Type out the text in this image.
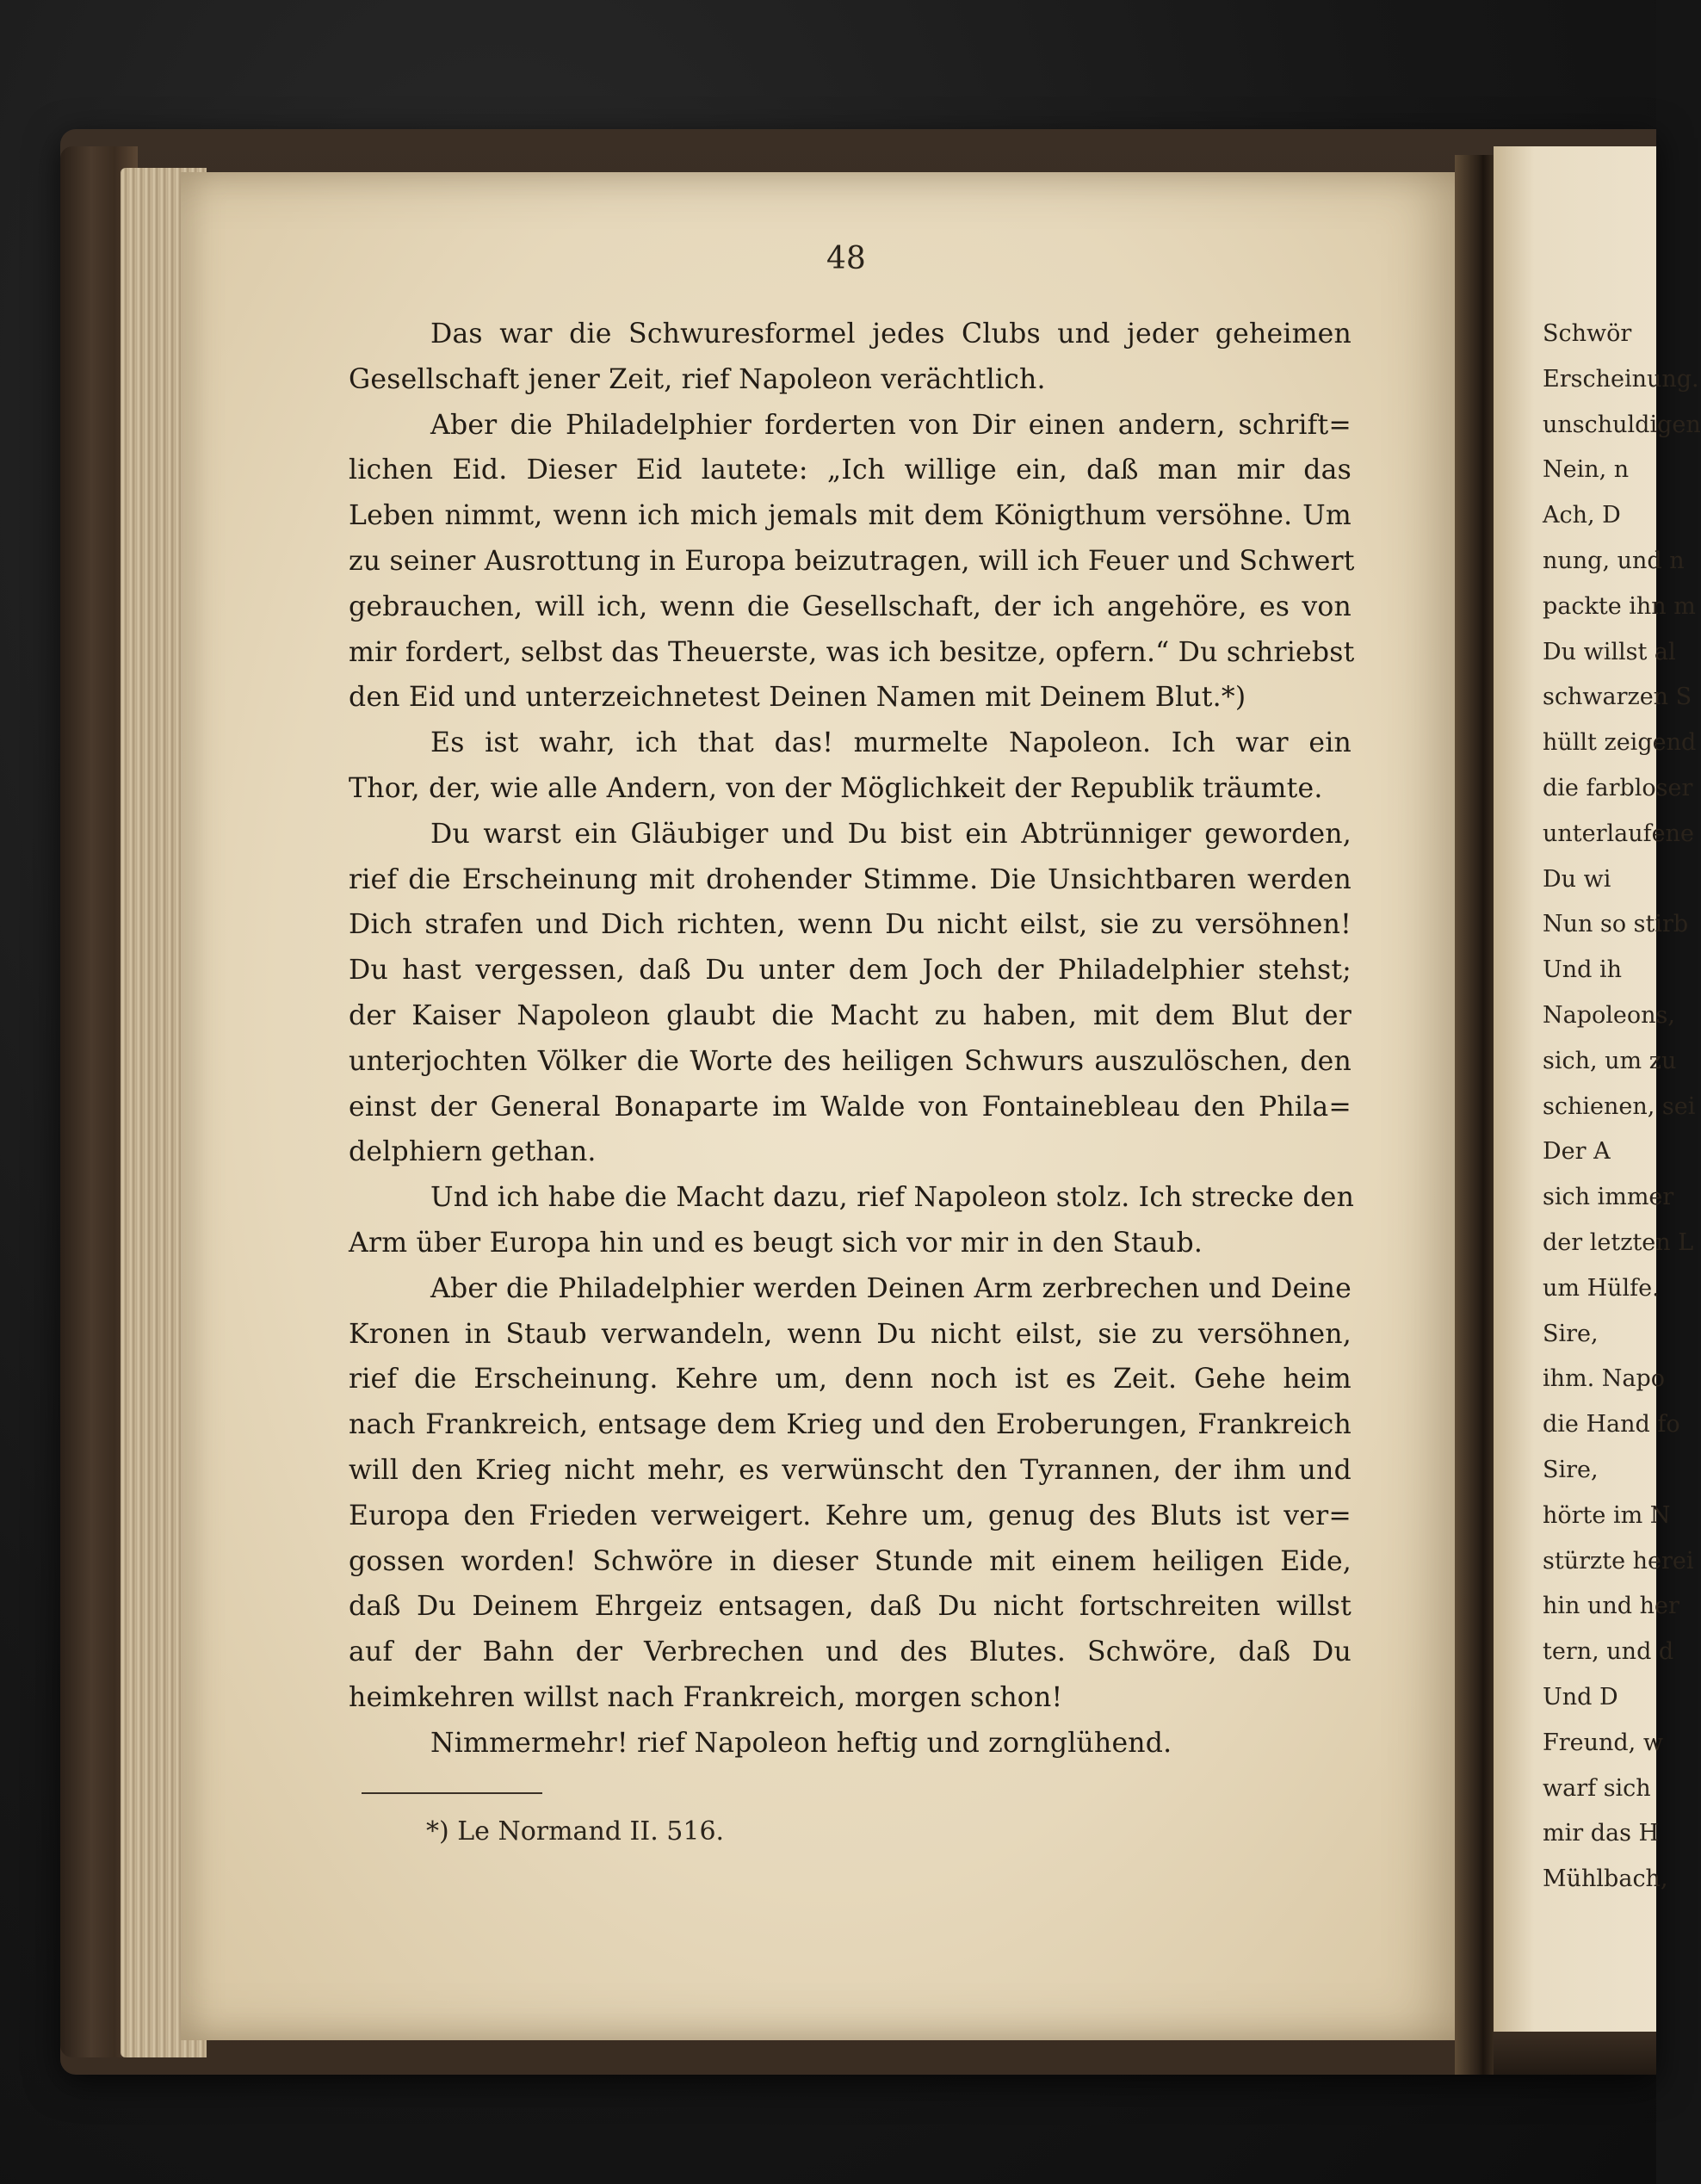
48
Das war die Schwuresformel jedes Clubs und jeder geheimen
Gesellschaft jener Zeit, rief Napoleon verächtlich.
Aber die Philadelphier forderten von Dir einen andern, schrift=
lichen Eid. Dieser Eid lautete: „Ich willige ein, daß man mir das
Leben nimmt, wenn ich mich jemals mit dem Königthum versöhne. Um
zu seiner Ausrottung in Europa beizutragen, will ich Feuer und Schwert
gebrauchen, will ich, wenn die Gesellschaft, der ich angehöre, es von
mir fordert, selbst das Theuerste, was ich besitze, opfern.“ Du schriebst
den Eid und unterzeichnetest Deinen Namen mit Deinem Blut.*)
Es ist wahr, ich that das! murmelte Napoleon. Ich war ein
Thor, der, wie alle Andern, von der Möglichkeit der Republik träumte.
Du warst ein Gläubiger und Du bist ein Abtrünniger geworden,
rief die Erscheinung mit drohender Stimme. Die Unsichtbaren werden
Dich strafen und Dich richten, wenn Du nicht eilst, sie zu versöhnen!
Du hast vergessen, daß Du unter dem Joch der Philadelphier stehst;
der Kaiser Napoleon glaubt die Macht zu haben, mit dem Blut der
unterjochten Völker die Worte des heiligen Schwurs auszulöschen, den
einst der General Bonaparte im Walde von Fontainebleau den Phila=
delphiern gethan.
Und ich habe die Macht dazu, rief Napoleon stolz. Ich strecke den
Arm über Europa hin und es beugt sich vor mir in den Staub.
Aber die Philadelphier werden Deinen Arm zerbrechen und Deine
Kronen in Staub verwandeln, wenn Du nicht eilst, sie zu versöhnen,
rief die Erscheinung. Kehre um, denn noch ist es Zeit. Gehe heim
nach Frankreich, entsage dem Krieg und den Eroberungen, Frankreich
will den Krieg nicht mehr, es verwünscht den Tyrannen, der ihm und
Europa den Frieden verweigert. Kehre um, genug des Bluts ist ver=
gossen worden! Schwöre in dieser Stunde mit einem heiligen Eide,
daß Du Deinem Ehrgeiz entsagen, daß Du nicht fortschreiten willst
auf der Bahn der Verbrechen und des Blutes. Schwöre, daß Du
heimkehren willst nach Frankreich, morgen schon!
Nimmermehr! rief Napoleon heftig und zornglühend.
*) Le Normand II. 516.
Schwör
Erscheinung.
unschuldigen
Nein, n
Ach, D
nung, und n
packte ihn m
Du willst al
schwarzen S
hüllt zeigend
die farbloser
unterlaufene
Du wi
Nun so stirb
Und ih
Napoleons,
sich, um zu
schienen, sei
Der A
sich immer
der letzten L
um Hülfe.
Sire,
ihm. Napo
die Hand fo
Sire,
hörte im N
stürzte herei
hin und her
tern, und d
Und D
Freund, w
warf sich
mir das H
Mühlbach,
